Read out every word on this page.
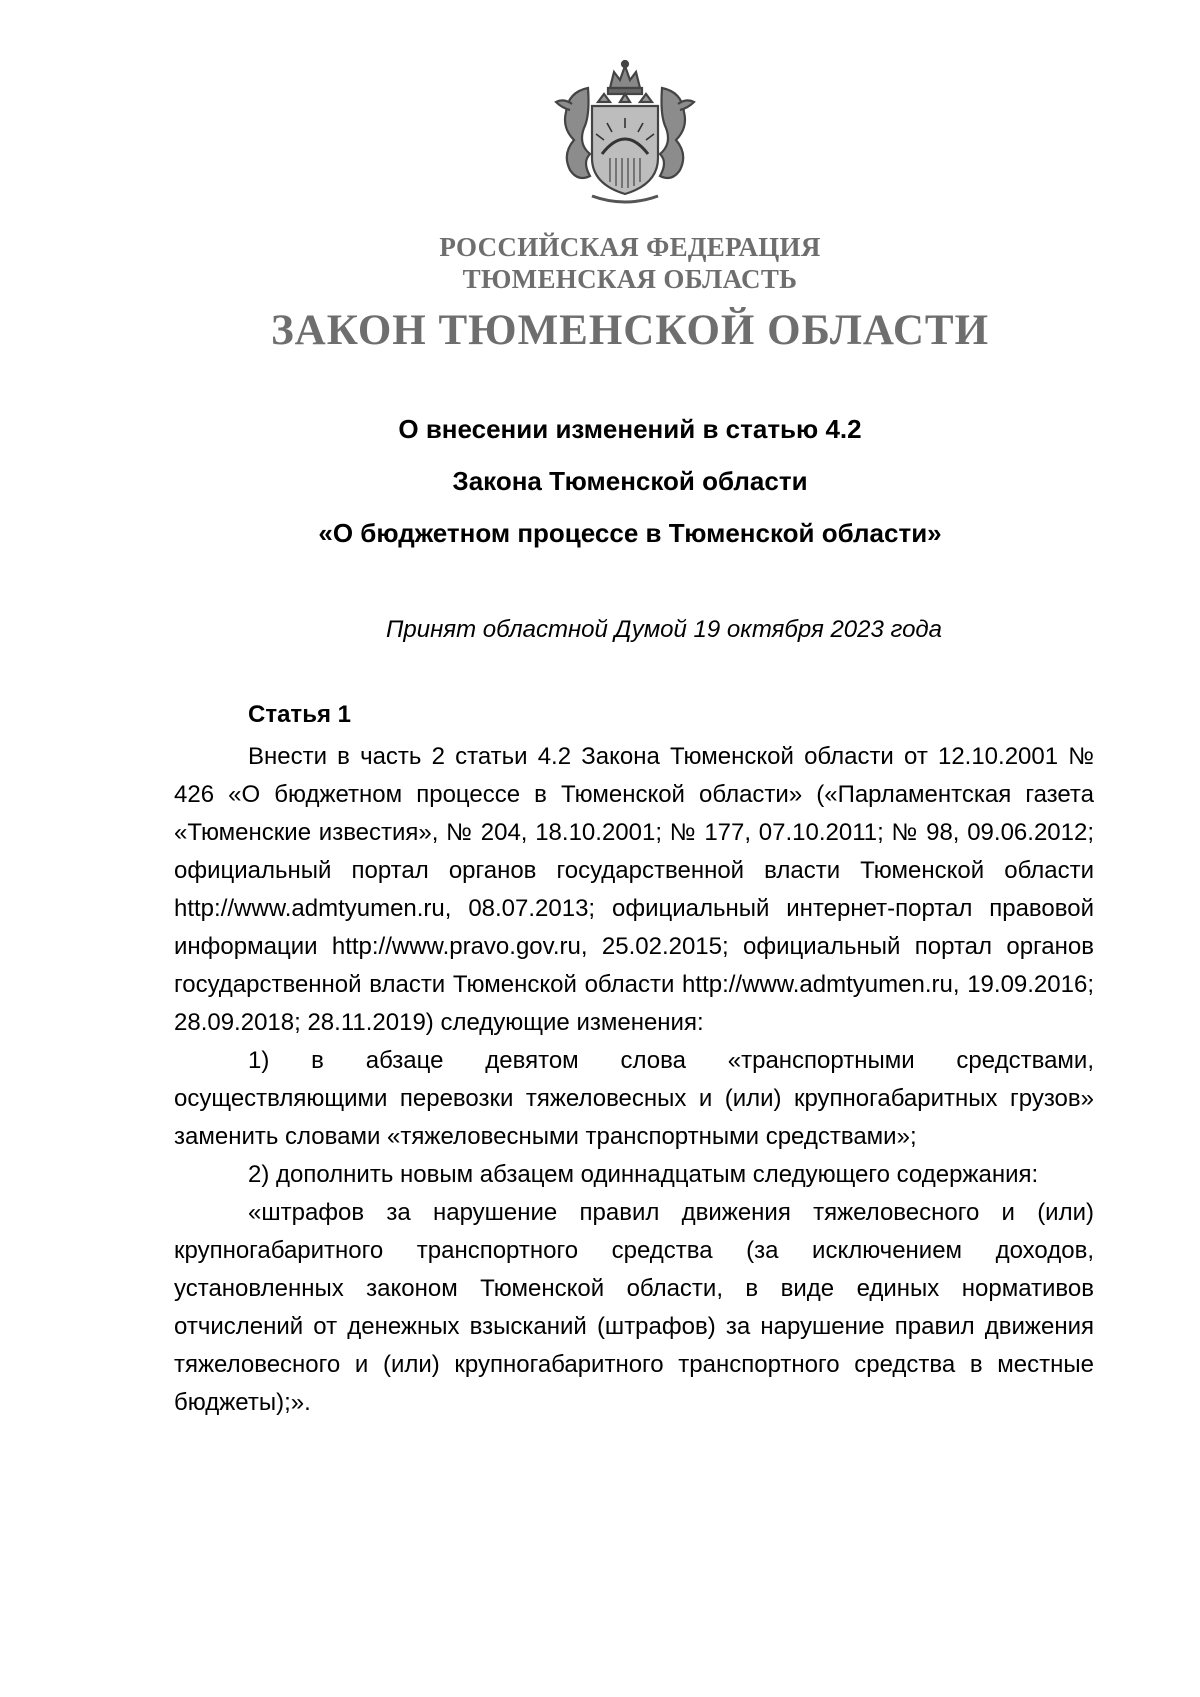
РОССИЙСКАЯ ФЕДЕРАЦИЯ
ТЮМЕНСКАЯ ОБЛАСТЬ
ЗАКОН ТЮМЕНСКОЙ ОБЛАСТИ
О внесении изменений в статью 4.2
Закона Тюменской области
«О бюджетном процессе в Тюменской области»
Принят областной Думой 19 октября 2023 года
Статья 1

Внести в часть 2 статьи 4.2 Закона Тюменской области от 12.10.2001 № 426 «О бюджетном процессе в Тюменской области» («Парламентская газета «Тюменские известия», № 204, 18.10.2001; № 177, 07.10.2011; № 98, 09.06.2012; официальный портал органов государственной власти Тюменской области http://www.admtyumen.ru, 08.07.2013; официальный интернет-портал правовой информации http://www.pravo.gov.ru, 25.02.2015; официальный портал органов государственной власти Тюменской области http://www.admtyumen.ru, 19.09.2016; 28.09.2018; 28.11.2019) следующие изменения:

1) в абзаце девятом слова «транспортными средствами, осуществляющими перевозки тяжеловесных и (или) крупногабаритных грузов» заменить словами «тяжеловесными транспортными средствами»;

2) дополнить новым абзацем одиннадцатым следующего содержания:

«штрафов за нарушение правил движения тяжеловесного и (или) крупногабаритного транспортного средства (за исключением доходов, установленных законом Тюменской области, в виде единых нормативов отчислений от денежных взысканий (штрафов) за нарушение правил движения тяжеловесного и (или) крупногабаритного транспортного средства в местные бюджеты);».
